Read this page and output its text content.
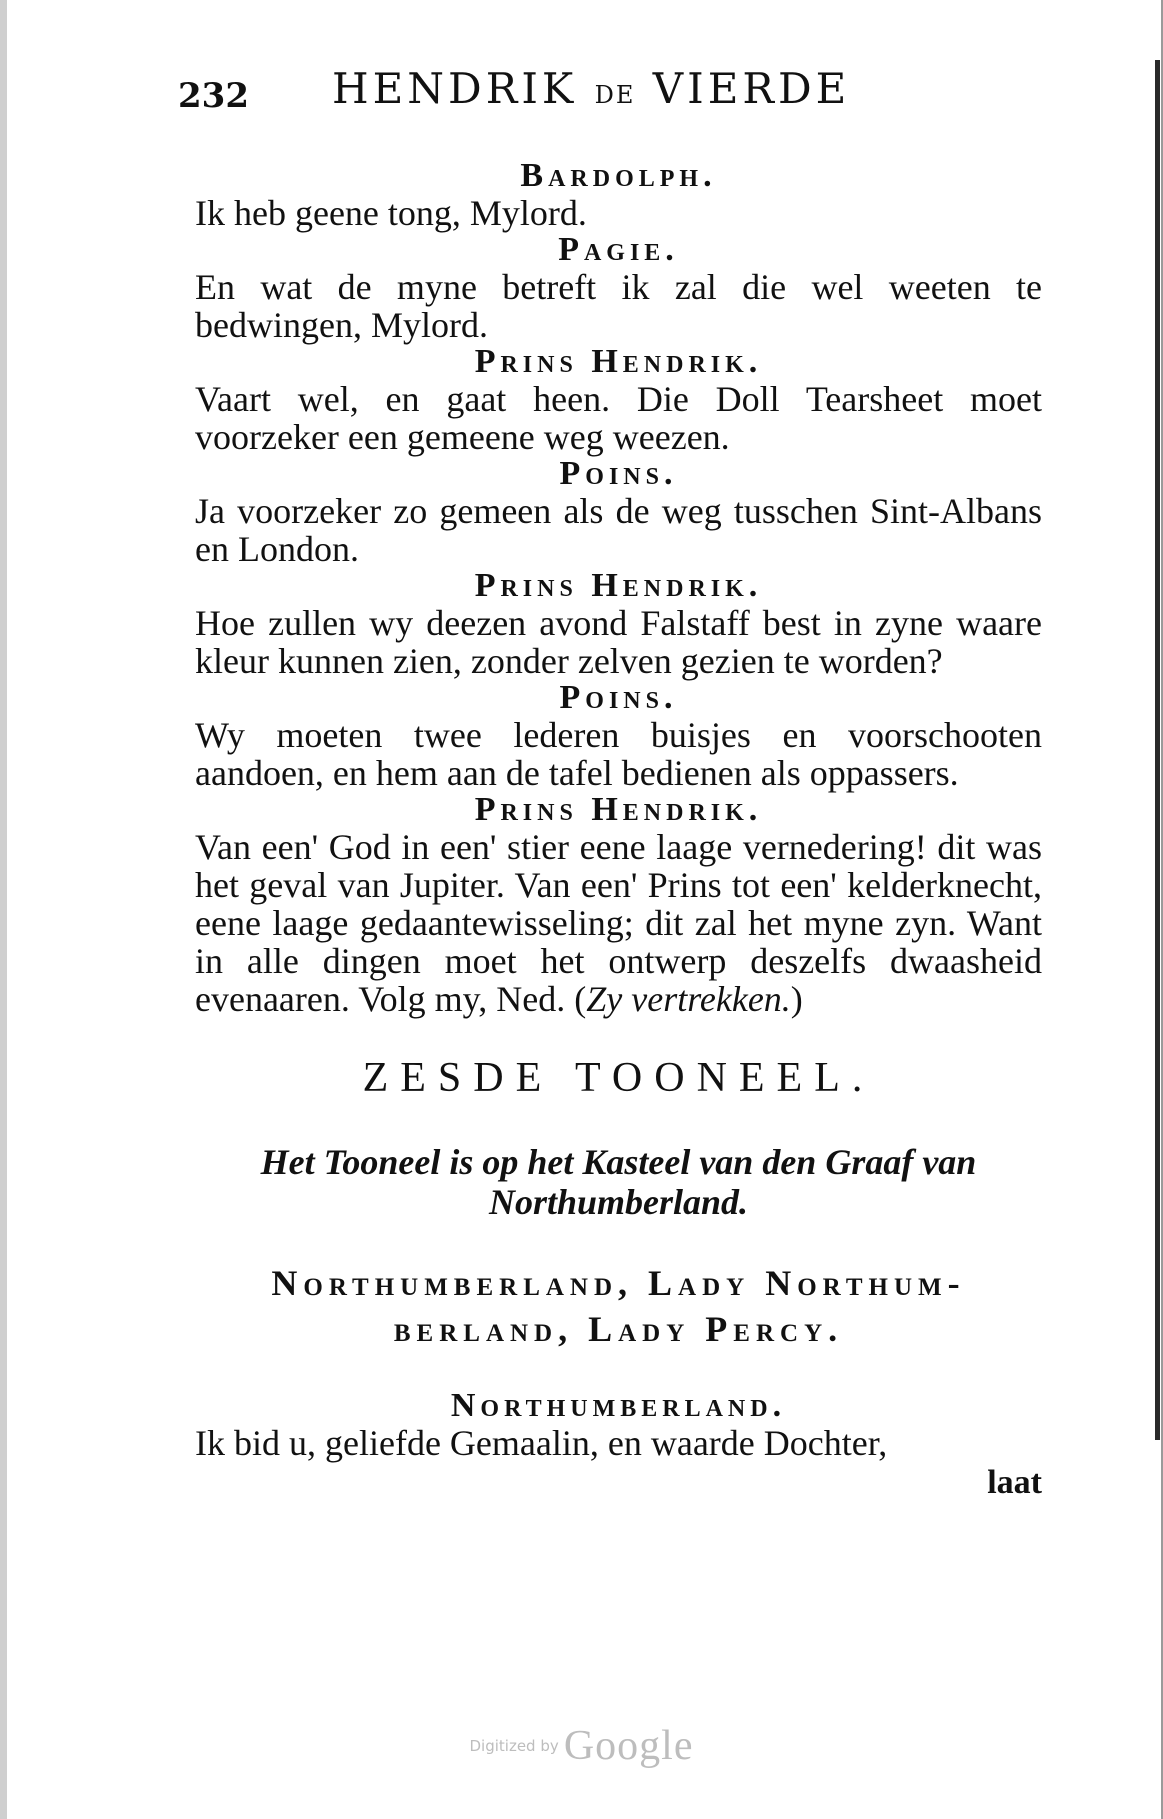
232 HENDRIK DE VIERDE
Bardolph.
Ik heb geene tong, Mylord.
Pagie.
En wat de myne betreft ik zal die wel weeten te bedwingen, Mylord.
Prins Hendrik.
Vaart wel, en gaat heen. Die Doll Tearsheet moet voorzeker een gemeene weg weezen.
Poins.
Ja voorzeker zo gemeen als de weg tusschen Sint-Albans en London.
Prins Hendrik.
Hoe zullen wy deezen avond Falstaff best in zyne waare kleur kunnen zien, zonder zelven gezien te worden?
Poins.
Wy moeten twee lederen buisjes en voorschooten aandoen, en hem aan de tafel bedienen als oppassers.
Prins Hendrik.
Van een' God in een' stier eene laage vernedering! dit was het geval van Jupiter. Van een' Prins tot een' kelderknecht, eene laage gedaantewisseling; dit zal het myne zyn. Want in alle dingen moet het ontwerp deszelfs dwaasheid evenaaren. Volg my, Ned. (Zy vertrekken.)
ZESDE TOONEEL.
Het Tooneel is op het Kasteel van den Graaf van Northumberland.
Northumberland, Lady Northum-
berland, Lady Percy.
Northumberland.
Ik bid u, geliefde Gemaalin, en waarde Dochter,
laat
Digitized by Google
